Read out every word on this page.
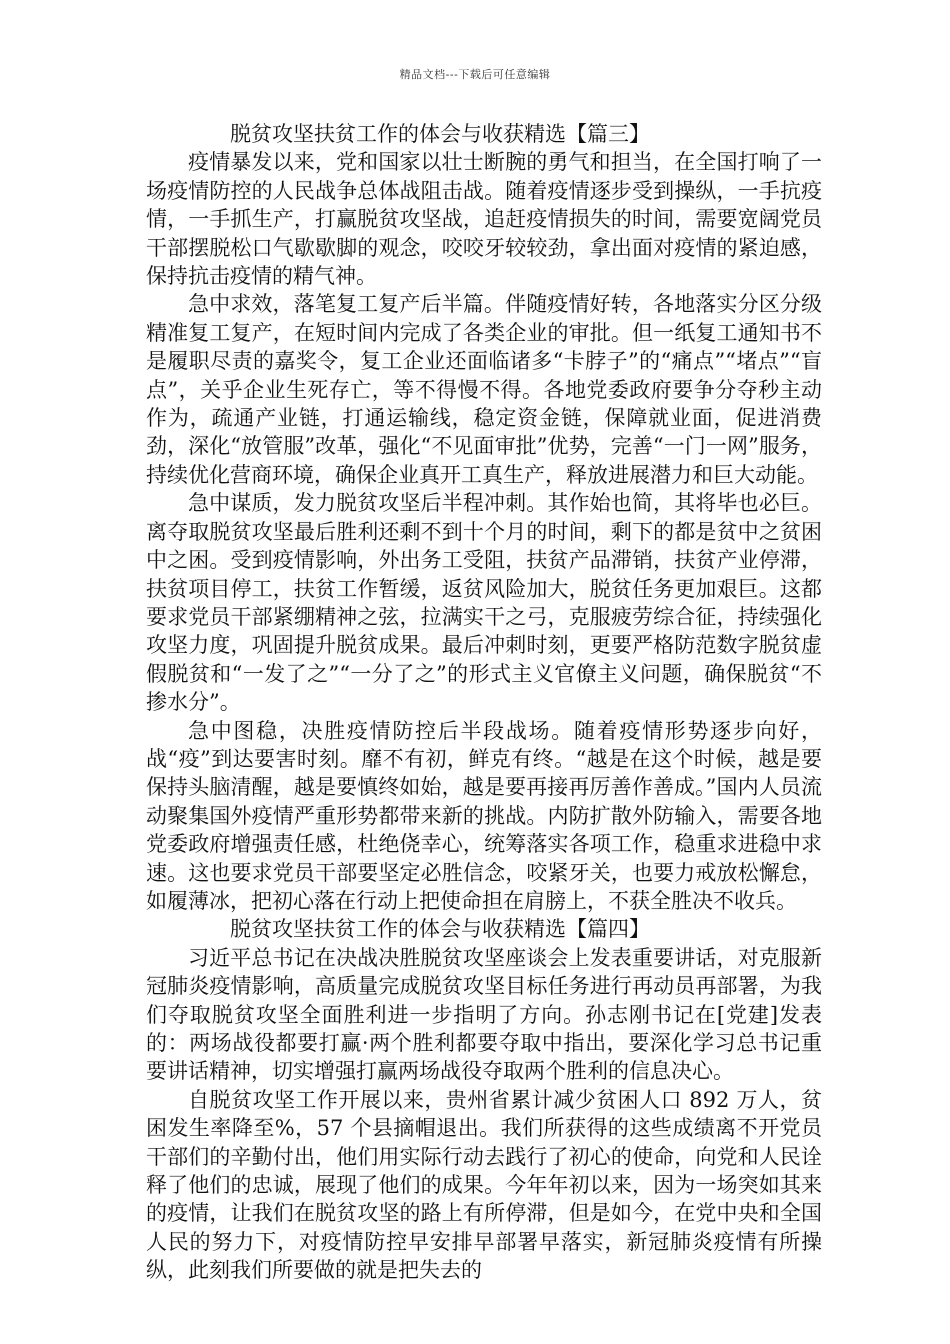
精品文档---下载后可任意编辑
脱贫攻坚扶贫工作的体会与收获精选【篇三】

疫情暴发以来，党和国家以壮士断腕的勇气和担当，在全国打响了一场疫情防控的人民战争总体战阻击战。随着疫情逐步受到操纵，一手抗疫情，一手抓生产，打赢脱贫攻坚战，追赶疫情损失的时间，需要宽阔党员干部摆脱松口气歇歇脚的观念，咬咬牙较较劲，拿出面对疫情的紧迫感，保持抗击疫情的精气神。

急中求效，落笔复工复产后半篇。伴随疫情好转，各地落实分区分级精准复工复产，在短时间内完成了各类企业的审批。但一纸复工通知书不是履职尽责的嘉奖令，复工企业还面临诸多“卡脖子”的“痛点”“堵点”“盲点”，关乎企业生死存亡，等不得慢不得。各地党委政府要争分夺秒主动作为，疏通产业链，打通运输线，稳定资金链，保障就业面，促进消费劲，深化“放管服”改革，强化“不见面审批”优势，完善“一门一网”服务，持续优化营商环境，确保企业真开工真生产，释放进展潜力和巨大动能。

急中谋质，发力脱贫攻坚后半程冲刺。其作始也简，其将毕也必巨。离夺取脱贫攻坚最后胜利还剩不到十个月的时间，剩下的都是贫中之贫困中之困。受到疫情影响，外出务工受阻，扶贫产品滞销，扶贫产业停滞，扶贫项目停工，扶贫工作暂缓，返贫风险加大，脱贫任务更加艰巨。这都要求党员干部紧绷精神之弦，拉满实干之弓，克服疲劳综合征，持续强化攻坚力度，巩固提升脱贫成果。最后冲刺时刻，更要严格防范数字脱贫虚假脱贫和“一发了之”“一分了之”的形式主义官僚主义问题，确保脱贫“不掺水分”。

急中图稳，决胜疫情防控后半段战场。随着疫情形势逐步向好，战“疫”到达要害时刻。靡不有初，鲜克有终。“越是在这个时候，越是要保持头脑清醒，越是要慎终如始，越是要再接再厉善作善成。”国内人员流动聚集国外疫情严重形势都带来新的挑战。内防扩散外防输入，需要各地党委政府增强责任感，杜绝侥幸心，统筹落实各项工作，稳重求进稳中求速。这也要求党员干部要坚定必胜信念，咬紧牙关，也要力戒放松懈怠，如履薄冰，把初心落在行动上把使命担在肩膀上，不获全胜决不收兵。

脱贫攻坚扶贫工作的体会与收获精选【篇四】

习近平总书记在决战决胜脱贫攻坚座谈会上发表重要讲话，对克服新冠肺炎疫情影响，高质量完成脱贫攻坚目标任务进行再动员再部署，为我们夺取脱贫攻坚全面胜利进一步指明了方向。孙志刚书记在[党建]发表的：两场战役都要打赢·两个胜利都要夺取中指出，要深化学习总书记重要讲话精神，切实增强打赢两场战役夺取两个胜利的信息决心。

自脱贫攻坚工作开展以来，贵州省累计减少贫困人口 892 万人，贫困发生率降至%，57 个县摘帽退出。我们所获得的这些成绩离不开党员干部们的辛勤付出，他们用实际行动去践行了初心的使命，向党和人民诠释了他们的忠诚，展现了他们的成果。今年年初以来，因为一场突如其来的疫情，让我们在脱贫攻坚的路上有所停滞，但是如今，在党中央和全国人民的努力下，对疫情防控早安排早部署早落实，新冠肺炎疫情有所操纵，此刻我们所要做的就是把失去的
